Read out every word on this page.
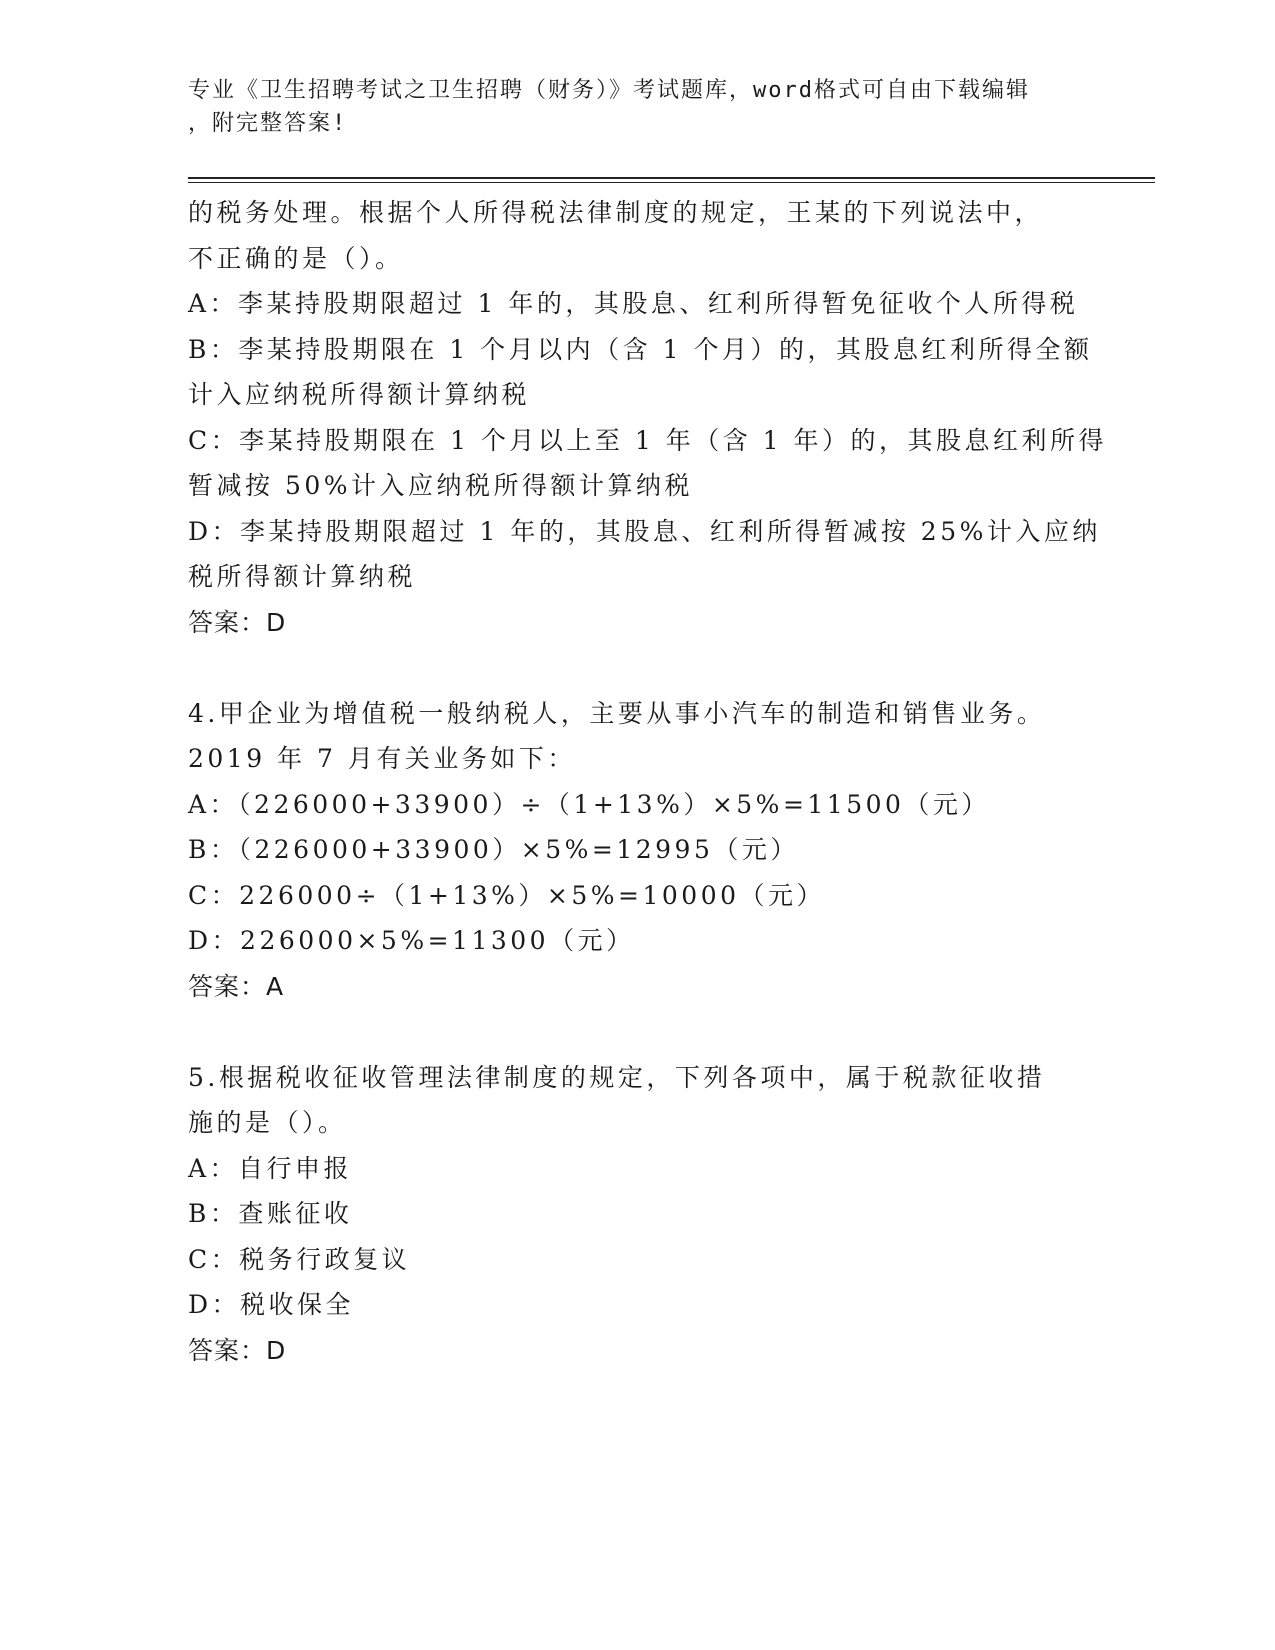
专业《卫生招聘考试之卫生招聘（财务）》考试题库，word格式可自由下载编辑
，附完整答案!
的税务处理。根据个人所得税法律制度的规定，王某的下列说法中，
不正确的是（）。
A：李某持股期限超过 1 年的，其股息、红利所得暂免征收个人所得税
B：李某持股期限在 1 个月以内（含 1 个月）的，其股息红利所得全额
计入应纳税所得额计算纳税
C：李某持股期限在 1 个月以上至 1 年（含 1 年）的，其股息红利所得
暂减按 50%计入应纳税所得额计算纳税
D：李某持股期限超过 1 年的，其股息、红利所得暂减按 25%计入应纳
税所得额计算纳税
答案：D
4.甲企业为增值税一般纳税人，主要从事小汽车的制造和销售业务。
2019 年 7 月有关业务如下：
A：（226000+33900）÷（1+13%）×5%=11500（元）
B：（226000+33900）×5%=12995（元）
C：226000÷（1+13%）×5%=10000（元）
D：226000×5%=11300（元）
答案：A
5.根据税收征收管理法律制度的规定，下列各项中，属于税款征收措
施的是（）。
A：自行申报
B：查账征收
C：税务行政复议
D：税收保全
答案：D
